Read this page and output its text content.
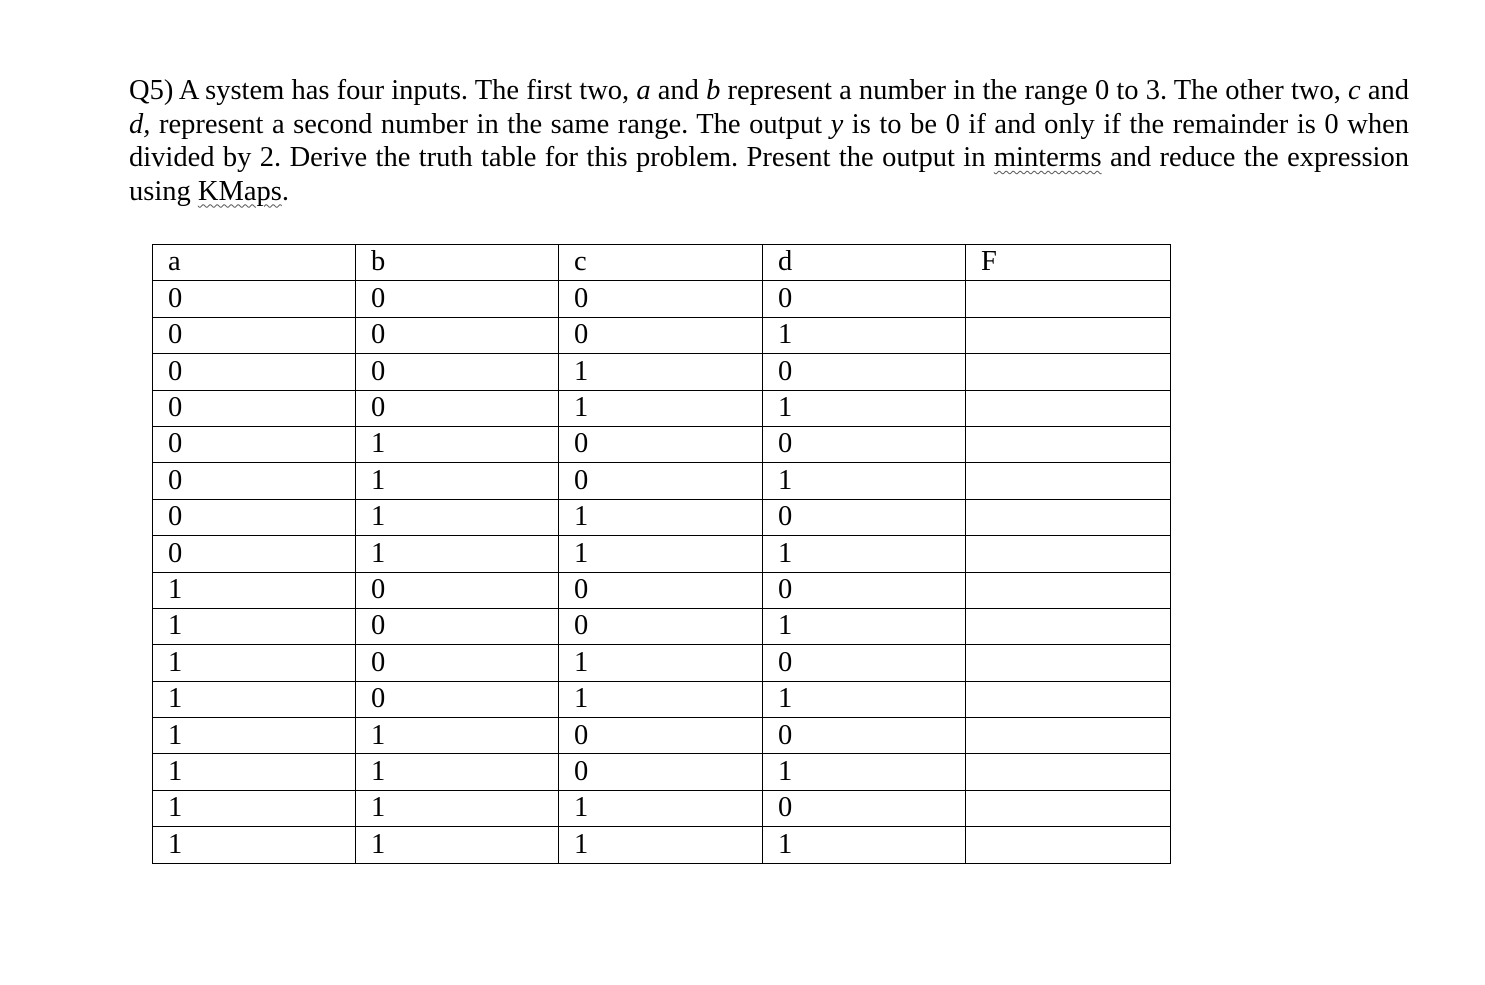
Q5) A system has four inputs. The first two, a and b represent a number in the range 0 to 3. The other two, c and d, represent a second number in the same range. The output y is to be 0 if and only if the remainder is 0 when divided by 2. Derive the truth table for this problem. Present the output in minterms and reduce the expression using KMaps.
a	b	c	d	F
0	0	0	0	
0	0	0	1	
0	0	1	0	
0	0	1	1	
0	1	0	0	
0	1	0	1	
0	1	1	0	
0	1	1	1	
1	0	0	0	
1	0	0	1	
1	0	1	0	
1	0	1	1	
1	1	0	0	
1	1	0	1	
1	1	1	0	
1	1	1	1	
